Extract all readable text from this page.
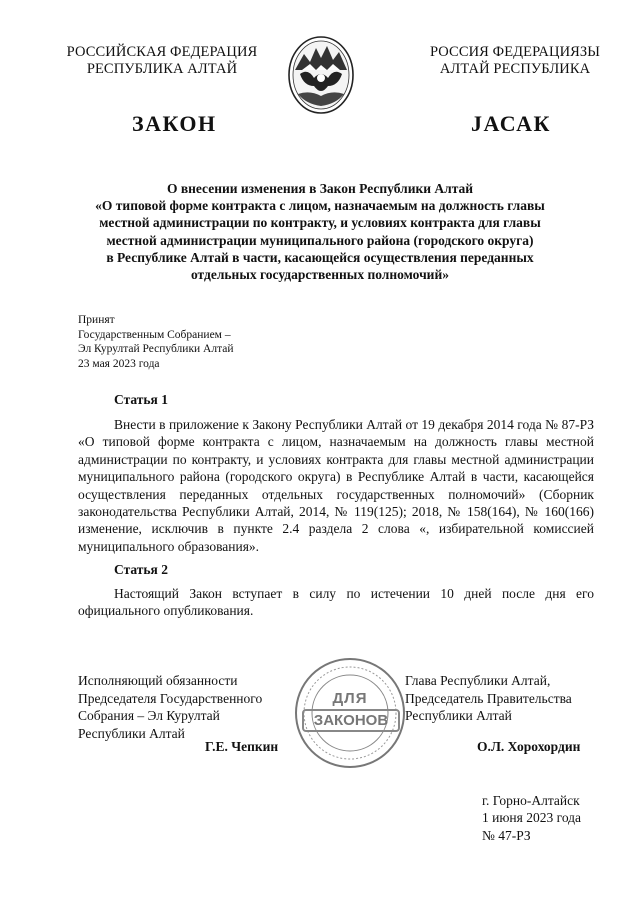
РОССИЙСКАЯ ФЕДЕРАЦИЯ
РЕСПУБЛИКА АЛТАЙ
РОССИЯ ФЕДЕРАЦИЯЗЫ
АЛТАЙ РЕСПУБЛИКА
ЗАКОН	JАСАК
О внесении изменения в Закон Республики Алтай
«О типовой форме контракта с лицом, назначаемым на должность главы
местной администрации по контракту, и условиях контракта для главы
местной администрации муниципального района (городского округа)
в Республике Алтай в части, касающейся осуществления переданных
отдельных государственных полномочий»
Принят
Государственным Собранием –
Эл Курултай Республики Алтай
23 мая 2023 года
Статья 1
Внести в приложение к Закону Республики Алтай от 19 декабря 2014 года № 87-РЗ «О типовой форме контракта с лицом, назначаемым на должность главы местной администрации по контракту, и условиях контракта для главы местной администрации муниципального района (городского округа) в Республике Алтай в части, касающейся осуществления переданных отдельных государственных полномочий» (Сборник законодательства Республики Алтай, 2014, № 119(125); 2018, № 158(164), № 160(166) изменение, исключив в пункте 2.4 раздела 2 слова «, избирательной комиссией муниципального образования».
Статья 2
Настоящий Закон вступает в силу по истечении 10 дней после дня его официального опубликования.
Исполняющий обязанности
Председателя Государственного
Собрания – Эл Курултай
Республики Алтай
Г.Е. Чепкин
ДЛЯ
ЗАКОНОВ
Глава Республики Алтай,
Председатель Правительства
Республики Алтай
О.Л. Хорохордин
г. Горно-Алтайск
1 июня 2023 года
№ 47-РЗ
